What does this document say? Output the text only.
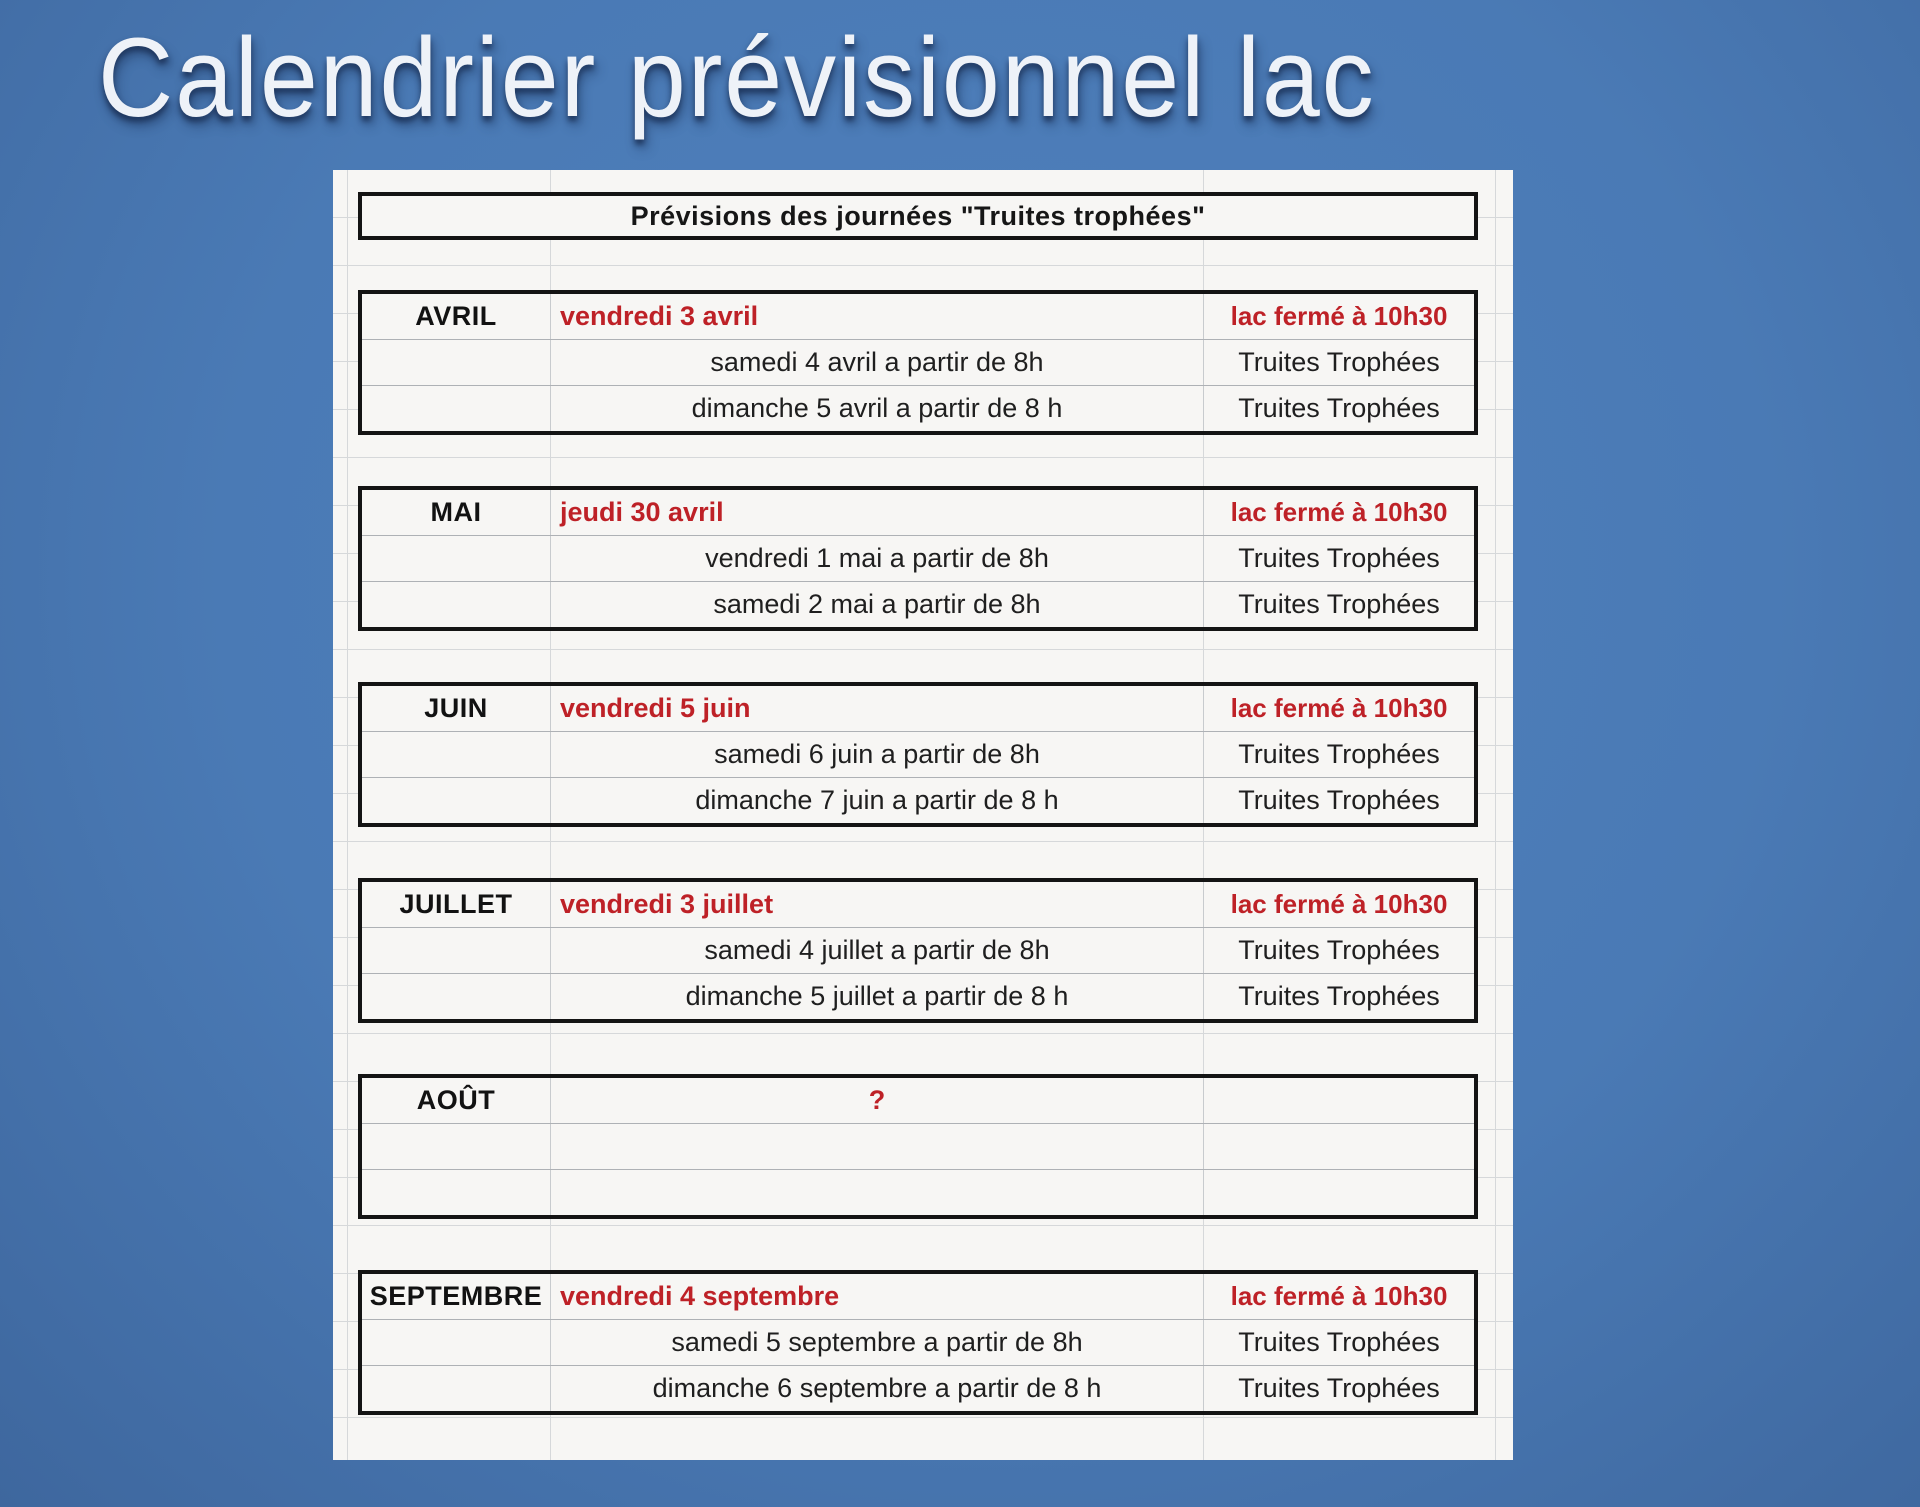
Calendrier prévisionnel lac
Prévisions des journées "Truites trophées"
AVRIL	vendredi 3 avril	lac fermé à 10h30
samedi 4 avril a partir de 8h	Truites Trophées
dimanche 5 avril a partir de 8 h	Truites Trophées
MAI	jeudi 30 avril	lac fermé à 10h30
vendredi 1 mai a partir de 8h	Truites Trophées
samedi 2 mai a partir de 8h	Truites Trophées
JUIN	vendredi 5 juin	lac fermé à 10h30
samedi 6 juin a partir de 8h	Truites Trophées
dimanche 7 juin a partir de 8 h	Truites Trophées
JUILLET	vendredi 3 juillet	lac fermé à 10h30
samedi 4 juillet a partir de 8h	Truites Trophées
dimanche 5 juillet a partir de 8 h	Truites Trophées
AOÛT	?
SEPTEMBRE vendredi 4 septembre	lac fermé à 10h30
samedi 5 septembre a partir de 8h	Truites Trophées
dimanche 6 septembre a partir de 8 h	Truites Trophées
